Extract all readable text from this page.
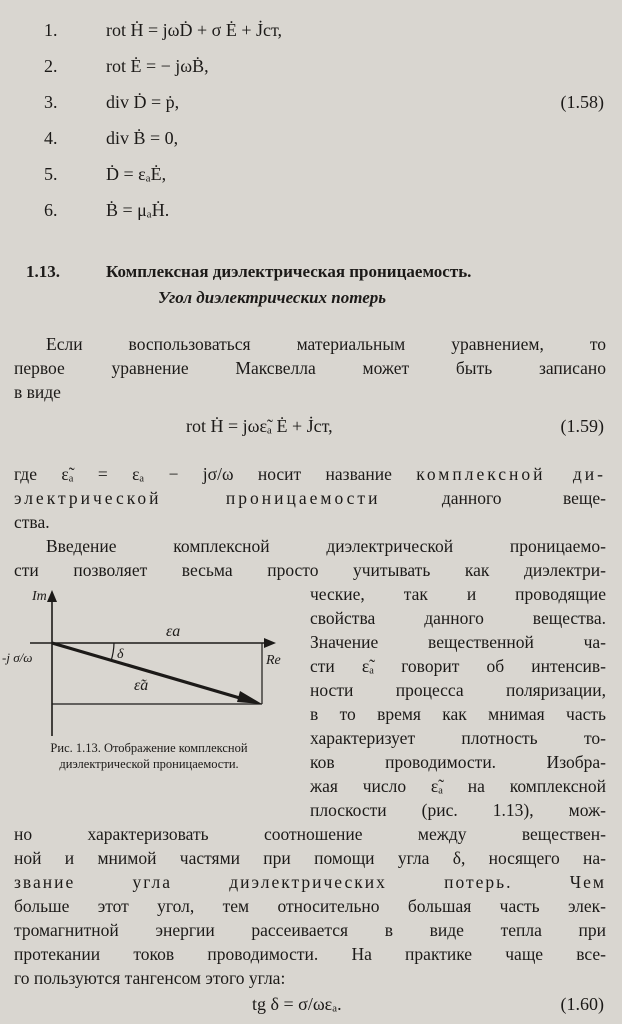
1.	rot Ḣ = jωḊ + σ Ė + J̇ст,
2.	rot Ė = − jωḂ,
3.	div Ḋ = ṗ,
4.	div Ḃ = 0,
5.	Ḋ = εₐĖ,
6.	Ḃ = μₐḢ.
(1.58)
1.13.	Комплексная диэлектрическая проницаемость.
Угол диэлектрических потерь
Если воспользоваться материальным уравнением, то
первое уравнение Максвелла может быть записано
в виде
rot Ḣ = jωε̃ₐ Ė + J̇ст,	(1.59)
где ε̃ₐ = εₐ − jσ/ω носит название комплексной ди-
электрической проницаемости	данного веще-
ства.
Введение комплексной диэлектрической проницаемо-
сти позволяет весьма просто учитывать как диэлектри-
ческие, так и проводящие
свойства данного вещества.
Значение вещественной ча-
сти ε̃ₐ говорит об интенсив-
ности процесса поляризации,
в то время как мнимая часть
характеризует плотность то-
ков проводимости. Изобра-
жая число ε̃ₐ на комплексной
плоскости (рис. 1.13), мож-
Im
Re
εa
ε̃a
δ
-j σ/ω
Рис. 1.13. Отображение комплексной диэлектрической проницаемости.
но характеризовать соотношение между веществен-
ной и мнимой частями при помощи угла δ, носящего на-
звание угла диэлектрических потерь. Чем
больше этот угол, тем относительно большая часть элек-
тромагнитной энергии рассеивается в виде тепла при
протекании токов проводимости. На практике чаще все-
го пользуются тангенсом этого угла:
tg δ = σ/ωεₐ.	(1.60)
